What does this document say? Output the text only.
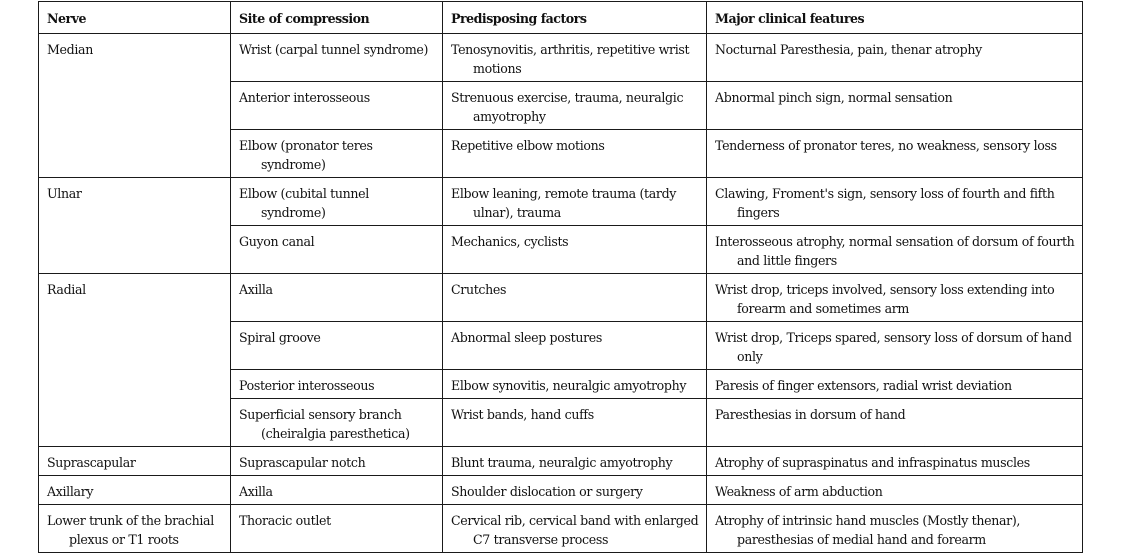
Nerve	Site of compression	Predisposing factors	Major clinical features

Median	Wrist (carpal tunnel syndrome)	Tenosynovitis, arthritis, repetitive wrist motions	Nocturnal Paresthesia, pain, thenar atrophy

	Anterior interosseous	Strenuous exercise, trauma, neuralgic amyotrophy	Abnormal pinch sign, normal sensation

	Elbow (pronator teres syndrome)	Repetitive elbow motions	Tenderness of pronator teres, no weakness, sensory loss

Ulnar	Elbow (cubital tunnel syndrome)	Elbow leaning, remote trauma (tardy ulnar), trauma	Clawing, Froment's sign, sensory loss of fourth and fifth fingers

	Guyon canal	Mechanics, cyclists	Interosseous atrophy, normal sensation of dorsum of fourth and little fingers

Radial	Axilla	Crutches	Wrist drop, triceps involved, sensory loss extending into forearm and sometimes arm

	Spiral groove	Abnormal sleep postures	Wrist drop, Triceps spared, sensory loss of dorsum of hand only

	Posterior interosseous	Elbow synovitis, neuralgic amyotrophy	Paresis of finger extensors, radial wrist deviation

	Superficial sensory branch (cheiralgia paresthetica)	Wrist bands, hand cuffs	Paresthesias in dorsum of hand

Suprascapular	Suprascapular notch	Blunt trauma, neuralgic amyotrophy	Atrophy of supraspinatus and infraspinatus muscles

Axillary	Axilla	Shoulder dislocation or surgery	Weakness of arm abduction

Lower trunk of the brachial plexus or T1 roots	Thoracic outlet	Cervical rib, cervical band with enlarged C7 transverse process	Atrophy of intrinsic hand muscles (Mostly thenar), paresthesias of medial hand and forearm
